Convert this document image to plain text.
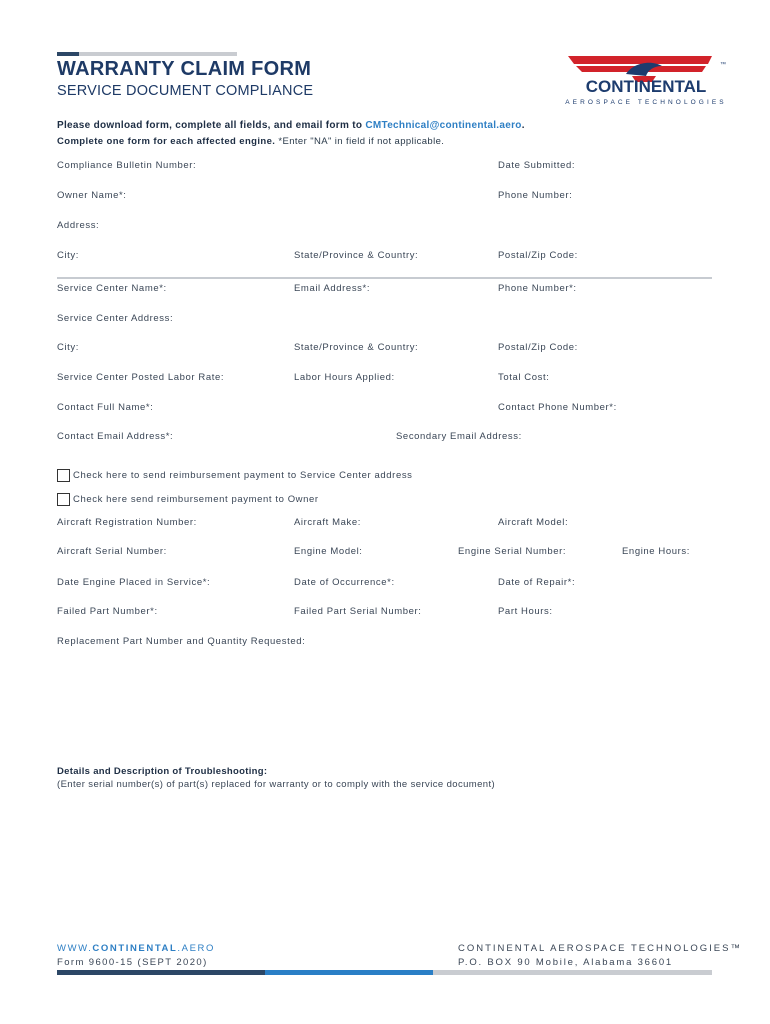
WARRANTY CLAIM FORM
SERVICE DOCUMENT COMPLIANCE	CONTINENTAL
™
AEROSPACE TECHNOLOGIES
Please download form, complete all fields, and email form to CMTechnical@continental.aero.
Complete one form for each affected engine. *Enter "NA" in field if not applicable.
Compliance Bulletin Number:	Date Submitted:
Owner Name*:	Phone Number:
Address:
City:	State/Province & Country:	Postal/Zip Code:
Service Center Name*:	Email Address*:	Phone Number*:
Service Center Address:
City:	State/Province & Country:	Postal/Zip Code:
Service Center Posted Labor Rate:	Labor Hours Applied:	Total Cost:
Contact Full Name*:	Contact Phone Number*:
Contact Email Address*:	Secondary Email Address:
Check here to send reimbursement payment to Service Center address
Check here send reimbursement payment to Owner
Aircraft Registration Number:	Aircraft Make:	Aircraft Model:
Aircraft Serial Number:	Engine Model:	Engine Serial Number:	Engine Hours:
Date Engine Placed in Service*:	Date of Occurrence*:	Date of Repair*:
Failed Part Number*:	Failed Part Serial Number:	Part Hours:
Replacement Part Number and Quantity Requested:
Details and Description of Troubleshooting:
(Enter serial number(s) of part(s) replaced for warranty or to comply with the service document)
WWW.CONTINENTAL.AERO
Form 9600-15 (SEPT 2020)
CONTINENTAL AEROSPACE TECHNOLOGIES™
P.O. BOX 90 Mobile, Alabama 36601
